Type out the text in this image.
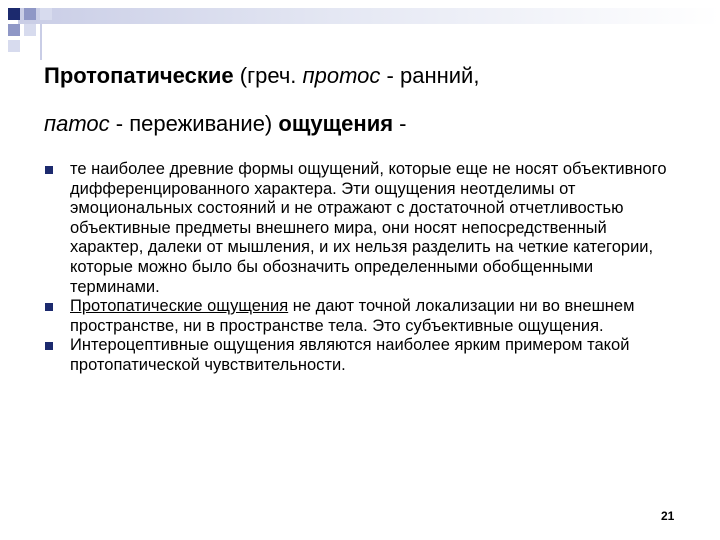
Протопатические (греч. протос - ранний,
патос - переживание) ощущения -
те наиболее древние формы ощущений, которые еще не носят объективного дифференцированного характера. Эти ощущения неотделимы от эмоциональных состояний и не отражают с достаточной отчетливостью объективные предметы внешнего мира, они носят непосредственный характер, далеки от мышления, и их нельзя разделить на четкие категории, которые можно было бы обозначить определенными обобщенными терминами.
Протопатические ощущения не дают точной локализации ни во внешнем пространстве, ни в пространстве тела. Это субъективные ощущения.
Интероцептивные ощущения являются наиболее ярким примером такой протопатической чувствительности.
21
